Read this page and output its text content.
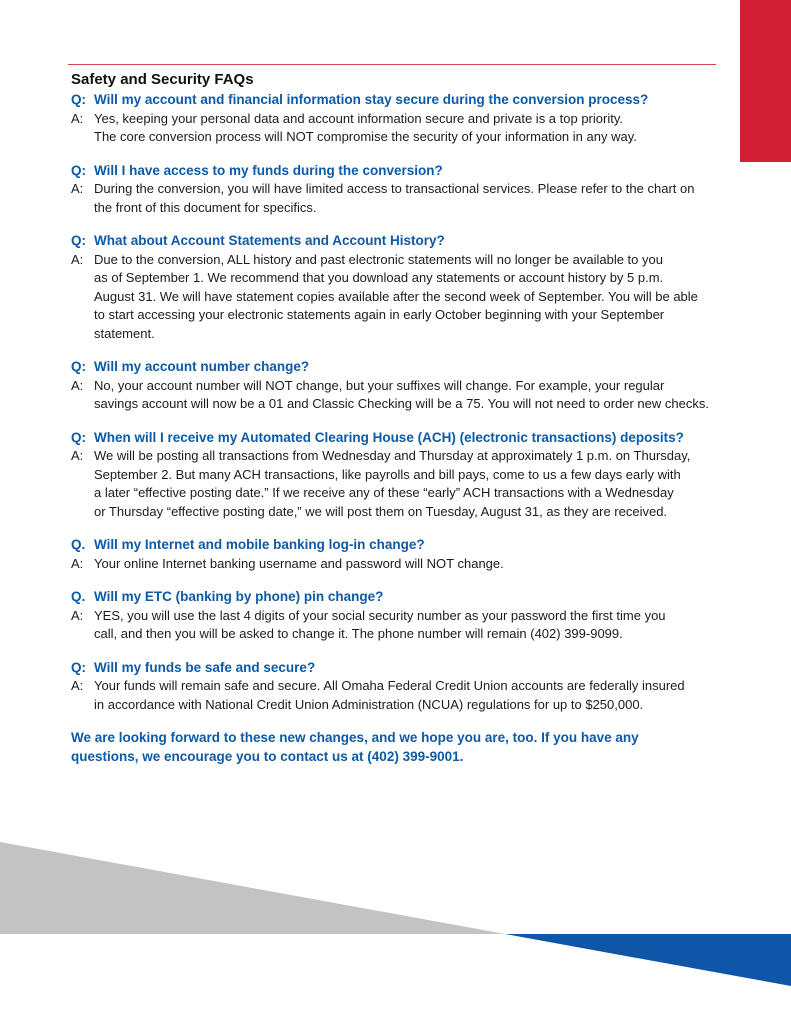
Safety and Security FAQs
Q: Will my account and financial information stay secure during the conversion process?
A: Yes, keeping your personal data and account information secure and private is a top priority.
The core conversion process will NOT compromise the security of your information in any way.
Q: Will I have access to my funds during the conversion?
A: During the conversion, you will have limited access to transactional services. Please refer to the chart on
the front of this document for specifics.
Q: What about Account Statements and Account History?
A: Due to the conversion, ALL history and past electronic statements will no longer be available to you
as of September 1. We recommend that you download any statements or account history by 5 p.m.
August 31. We will have statement copies available after the second week of September. You will be able
to start accessing your electronic statements again in early October beginning with your September
statement.
Q: Will my account number change?
A: No, your account number will NOT change, but your suffixes will change. For example, your regular
savings account will now be a 01 and Classic Checking will be a 75. You will not need to order new checks.
Q: When will I receive my Automated Clearing House (ACH) (electronic transactions) deposits?
A: We will be posting all transactions from Wednesday and Thursday at approximately 1 p.m. on Thursday,
September 2. But many ACH transactions, like payrolls and bill pays, come to us a few days early with
a later “effective posting date.” If we receive any of these “early” ACH transactions with a Wednesday
or Thursday “effective posting date,” we will post them on Tuesday, August 31, as they are received.
Q. Will my Internet and mobile banking log-in change?
A: Your online Internet banking username and password will NOT change.
Q. Will my ETC (banking by phone) pin change?
A: YES, you will use the last 4 digits of your social security number as your password the first time you
call, and then you will be asked to change it. The phone number will remain (402) 399-9099.
Q: Will my funds be safe and secure?
A: Your funds will remain safe and secure. All Omaha Federal Credit Union accounts are federally insured
in accordance with National Credit Union Administration (NCUA) regulations for up to $250,000.
We are looking forward to these new changes, and we hope you are, too. If you have any
questions, we encourage you to contact us at (402) 399-9001.
